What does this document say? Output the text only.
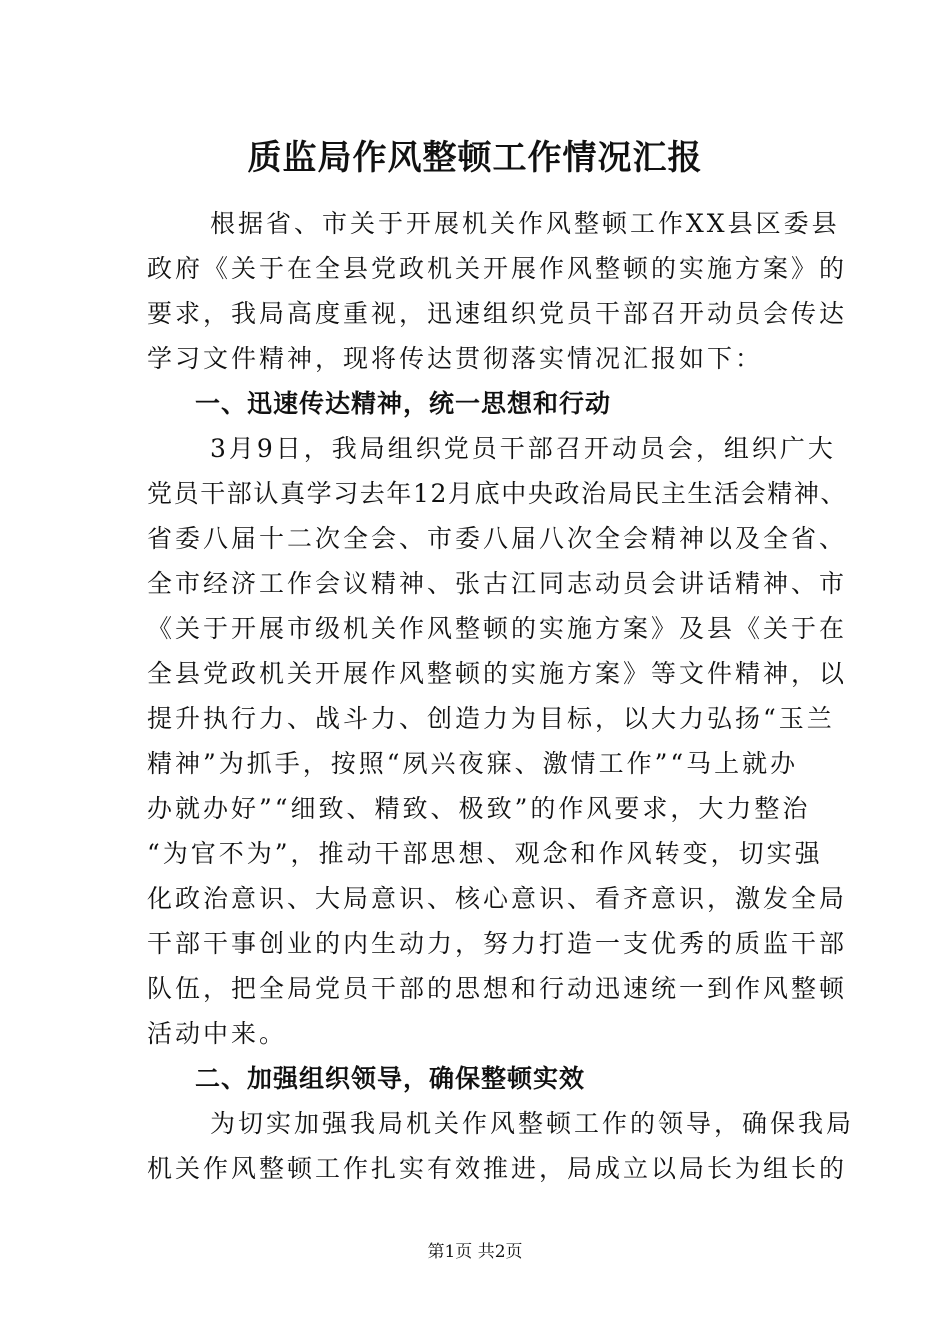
质监局作风整顿工作情况汇报
根据省、市关于开展机关作风整顿工作XX县区委县
政府《关于在全县党政机关开展作风整顿的实施方案》的
要求，我局高度重视，迅速组织党员干部召开动员会传达
学习文件精神，现将传达贯彻落实情况汇报如下：
一、迅速传达精神，统一思想和行动
3月9日，我局组织党员干部召开动员会，组织广大
党员干部认真学习去年12月底中央政治局民主生活会精神、
省委八届十二次全会、市委八届八次全会精神以及全省、
全市经济工作会议精神、张古江同志动员会讲话精神、市
《关于开展市级机关作风整顿的实施方案》及县《关于在
全县党政机关开展作风整顿的实施方案》等文件精神，以
提升执行力、战斗力、创造力为目标，以大力弘扬“玉兰
精神”为抓手，按照“夙兴夜寐、激情工作”“马上就办
办就办好”“细致、精致、极致”的作风要求，大力整治
“为官不为”，推动干部思想、观念和作风转变，切实强
化政治意识、大局意识、核心意识、看齐意识，激发全局
干部干事创业的内生动力，努力打造一支优秀的质监干部
队伍，把全局党员干部的思想和行动迅速统一到作风整顿
活动中来。
二、加强组织领导，确保整顿实效
为切实加强我局机关作风整顿工作的领导，确保我局
机关作风整顿工作扎实有效推进，局成立以局长为组长的
第1页 共2页
